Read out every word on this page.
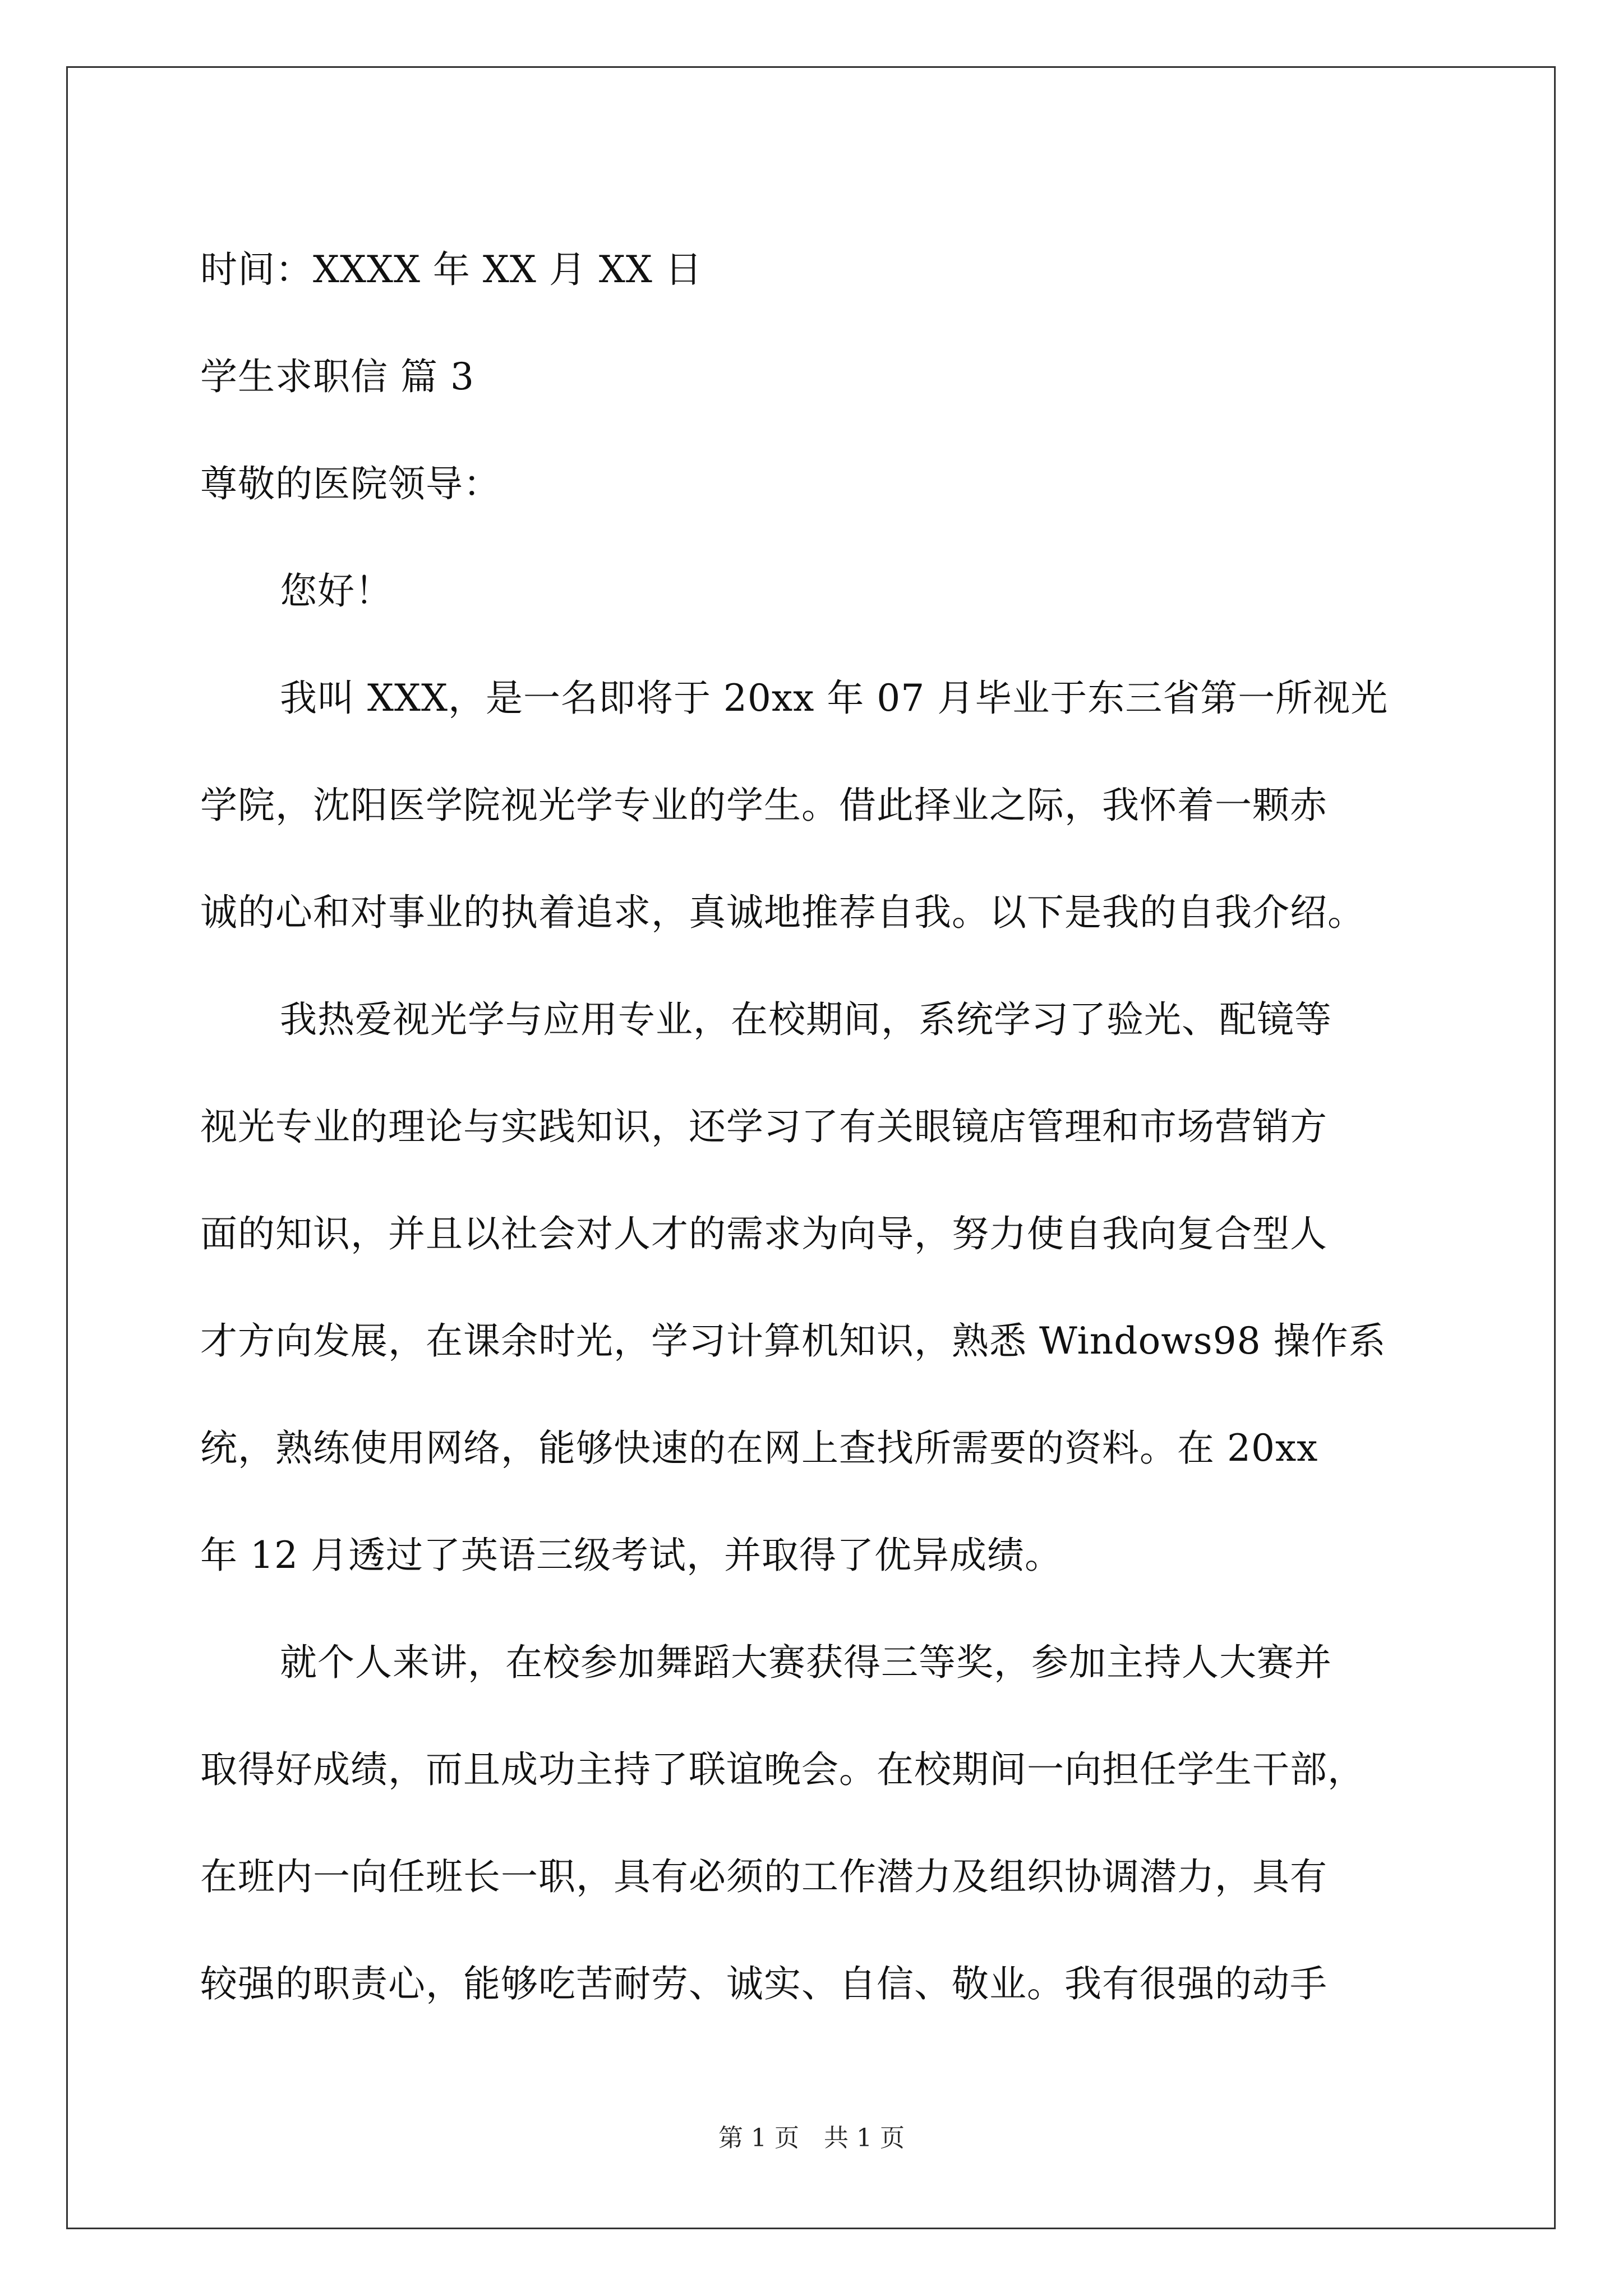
时间：XXXX 年 XX 月 XX 日
学生求职信 篇 3
尊敬的医院领导：
您好！
我叫 XXX，是一名即将于 20xx 年 07 月毕业于东三省第一所视光
学院，沈阳医学院视光学专业的学生。借此择业之际，我怀着一颗赤
诚的心和对事业的执着追求，真诚地推荐自我。以下是我的自我介绍。
我热爱视光学与应用专业，在校期间，系统学习了验光、配镜等
视光专业的理论与实践知识，还学习了有关眼镜店管理和市场营销方
面的知识，并且以社会对人才的需求为向导，努力使自我向复合型人
才方向发展，在课余时光，学习计算机知识，熟悉 Windows98 操作系
统，熟练使用网络，能够快速的在网上查找所需要的资料。在 20xx
年 12 月透过了英语三级考试，并取得了优异成绩。
就个人来讲，在校参加舞蹈大赛获得三等奖，参加主持人大赛并
取得好成绩，而且成功主持了联谊晚会。在校期间一向担任学生干部，
在班内一向任班长一职，具有必须的工作潜力及组织协调潜力，具有
较强的职责心，能够吃苦耐劳、诚实、自信、敬业。我有很强的动手
第 1 页 共 1 页
